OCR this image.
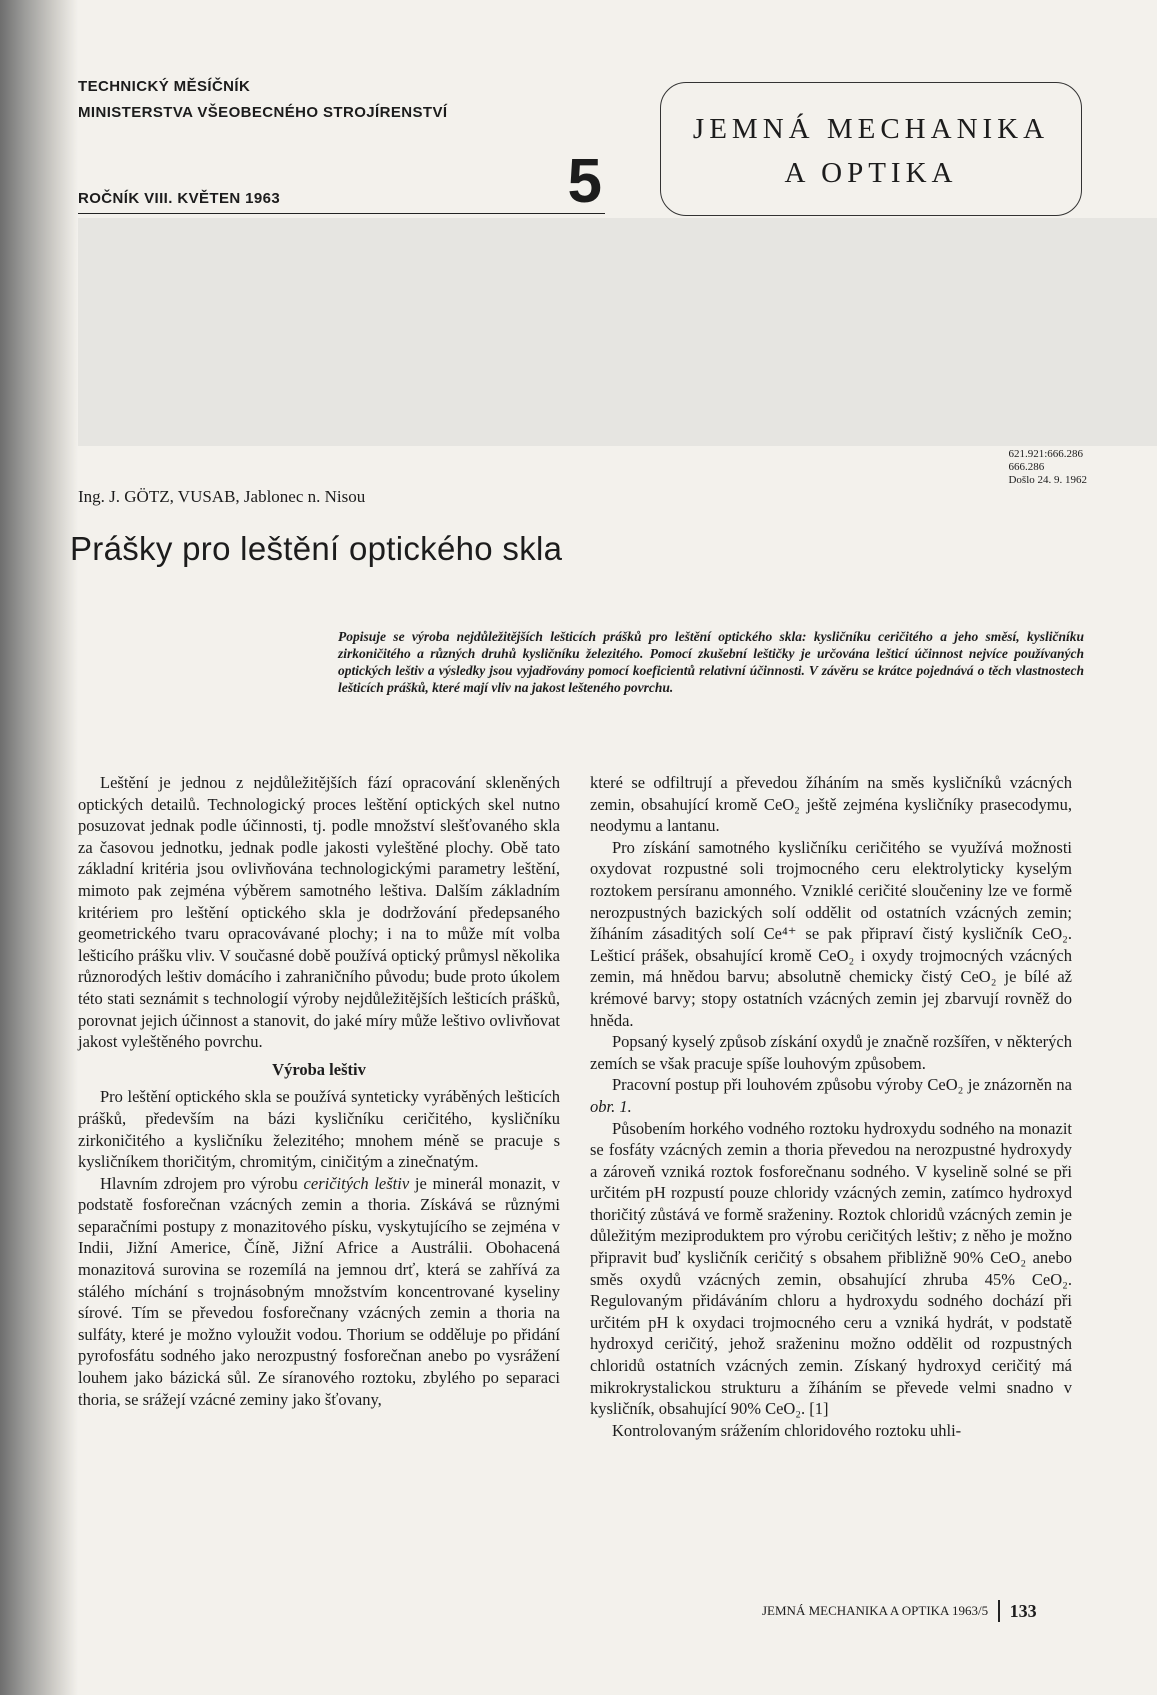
TECHNICKÝ MĚSÍČNÍK
MINISTERSTVA VŠEOBECNÉHO STROJÍRENSTVÍ
ROČNÍK VIII. KVĚTEN 1963	5
JEMNÁ MECHANIKA
A OPTIKA
621.921:666.286
666.286
Došlo 24. 9. 1962
Ing. J. GÖTZ, VUSAB, Jablonec n. Nisou
Prášky pro leštění optického skla
Popisuje se výroba nejdůležitějších lešticích prášků pro leštění optického skla: kysličníku ceričitého a jeho směsí, kysličníku zirkoničitého a různých druhů kysličníku železitého. Pomocí zkušební leštičky je určována lešticí účinnost nejvíce používaných optických leštiv a výsledky jsou vyjadřovány pomocí koeficientů relativní účinnosti. V závěru se krátce pojednává o těch vlastnostech lešticích prášků, které mají vliv na jakost lešteného povrchu.

Leštění je jednou z nejdůležitějších fází opracování skleněných optických detailů. Technologický proces leštění optických skel nutno posuzovat jednak podle účinnosti, tj. podle množství slešťovaného skla za časovou jednotku, jednak podle jakosti vyleštěné plochy. Obě tato základní kritéria jsou ovlivňována technologickými parametry leštění, mimoto pak zejména výběrem samotného leštiva. Dalším základním kritériem pro leštění optického skla je dodržování předepsaného geometrického tvaru opracovávané plochy; i na to může mít volba lešticího prášku vliv. V současné době používá optický průmysl několika různorodých leštiv domácího i zahraničního původu; bude proto úkolem této stati seznámit s technologií výroby nejdůležitějších lešticích prášků, porovnat jejich účinnost a stanovit, do jaké míry může leštivo ovlivňovat jakost vyleštěného povrchu.

Výroba leštiv

Pro leštění optického skla se používá synteticky vyráběných lešticích prášků, především na bázi kysličníku ceričitého, kysličníku zirkoničitého a kysličníku železitého; mnohem méně se pracuje s kysličníkem thoričitým, chromitým, ciničitým a zinečnatým.

Hlavním zdrojem pro výrobu ceričitých leštiv je minerál monazit, v podstatě fosforečnan vzácných zemin a thoria. Získává se různými separačními postupy z monazitového písku, vyskytujícího se zejména v Indii, Jižní Americe, Číně, Jižní Africe a Austrálii. Obohacená monazitová surovina se rozemílá na jemnou drť, která se zahřívá za stálého míchání s trojnásobným množstvím koncentrované kyseliny sírové. Tím se převedou fosforečnany vzácných zemin a thoria na sulfáty, které je možno vyloužit vodou. Thorium se odděluje po přidání pyrofosfátu sodného jako nerozpustný fosforečnan anebo po vysrážení louhem jako bázická sůl. Ze síranového roztoku, zbylého po separaci thoria, se srážejí vzácné zeminy jako šťovany,

které se odfiltrují a převedou žíháním na směs kysličníků vzácných zemin, obsahující kromě CeO₂ ještě zejména kysličníky prasecodymu, neodymu a lantanu.

Pro získání samotného kysličníku ceričitého se využívá možnosti oxydovat rozpustné soli trojmocného ceru elektrolyticky kyselým roztokem persíranu amonného. Vzniklé ceričité sloučeniny lze ve formě nerozpustných bazických solí oddělit od ostatních vzácných zemin; žíháním zásaditých solí Ce⁴⁺ se pak připraví čistý kysličník CeO₂. Lešticí prášek, obsahující kromě CeO₂ i oxydy trojmocných vzácných zemin, má hnědou barvu; absolutně chemicky čistý CeO₂ je bílé až krémové barvy; stopy ostatních vzácných zemin jej zbarvují rovněž do hněda.

Popsaný kyselý způsob získání oxydů je značně rozšířen, v některých zemích se však pracuje spíše louhovým způsobem.

Pracovní postup při louhovém způsobu výroby CeO₂ je znázorněn na obr. 1.

Působením horkého vodného roztoku hydroxydu sodného na monazit se fosfáty vzácných zemin a thoria převedou na nerozpustné hydroxydy a zároveň vzniká roztok fosforečnanu sodného. V kyselině solné se při určitém pH rozpustí pouze chloridy vzácných zemin, zatímco hydroxyd thoričitý zůstává ve formě sraženiny. Roztok chloridů vzácných zemin je důležitým meziproduktem pro výrobu ceričitých leštiv; z něho je možno připravit buď kysličník ceričitý s obsahem přibližně 90% CeO₂ anebo směs oxydů vzácných zemin, obsahující zhruba 45% CeO₂. Regulovaným přidáváním chloru a hydroxydu sodného dochází při určitém pH k oxydaci trojmocného ceru a vzniká hydrát, v podstatě hydroxyd ceričitý, jehož sraženinu možno oddělit od rozpustných chloridů ostatních vzácných zemin. Získaný hydroxyd ceričitý má mikrokrystalickou strukturu a žíháním se převede velmi snadno v kysličník, obsahující 90% CeO₂. [1]

Kontrolovaným srážením chloridového roztoku uhli-

JEMNÁ MECHANIKA A OPTIKA 1963/5 133
